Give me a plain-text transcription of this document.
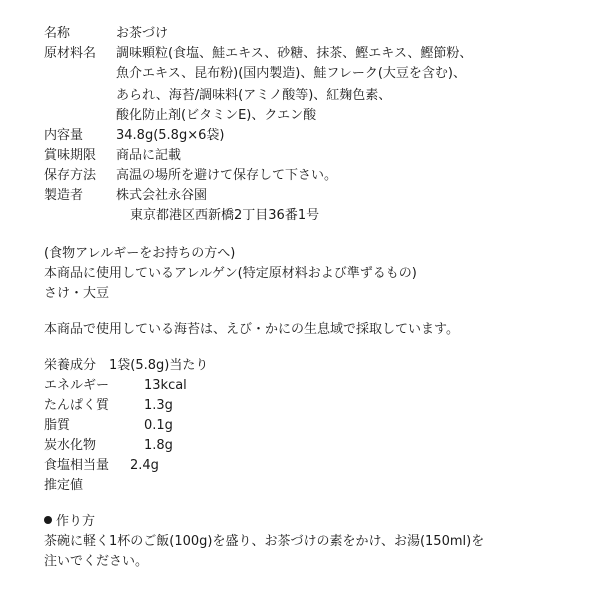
名称	お茶づけ
原材料名 調味顆粒(食塩、鮭エキス、砂糖、抹茶、鰹エキス、鰹節粉、
魚介エキス、昆布粉)(国内製造)、鮭フレーク(大豆を含む)、
あられ、海苔/調味料(アミノ酸等)、紅麹色素、
酸化防止剤(ビタミンE)、クエン酸
内容量	34.8g(5.8g×6袋)
賞味期限 商品に記載
保存方法 高温の場所を避けて保存して下さい。
製造者	株式会社永谷園
東京都港区西新橋2丁目36番1号
(食物アレルギーをお持ちの方へ)
本商品に使用しているアレルゲン(特定原材料および準ずるもの)
さけ・大豆
本商品で使用している海苔は、えび・かにの生息域で採取しています。
栄養成分　1袋(5.8g)当たり
エネルギー	13kcal
たんぱく質	1.3g
脂質	0.1g
炭水化物	1.8g
食塩相当量 2.4g
推定値
作り方
茶碗に軽く1杯のご飯(100g)を盛り、お茶づけの素をかけ、お湯(150ml)を
注いでください。
